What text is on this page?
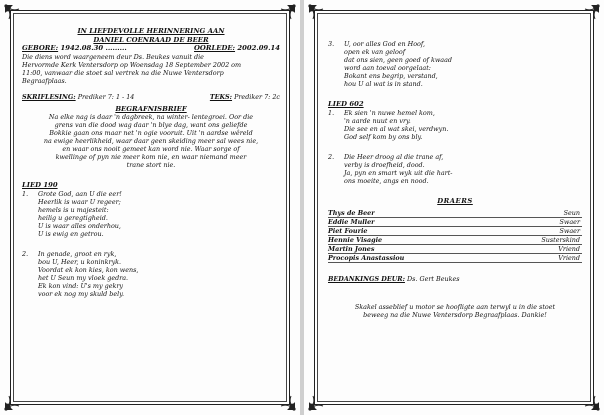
IN LIEFDEVOLLE HERINNERING AAN
DANIEL COENRAAD DE BEER
GEBORE: 1942.08.30 .........	OORLEDE: 2002.09.14
Die diens word waargeneem deur Ds. Beukes vanuit die
Hervormde Kerk Ventersdorp op Woensdag 18 September 2002 om
11:00, vanwaar die stoet sal vertrek na die Nuwe Ventersdorp
Begraafplaas.
SKRIFLESING: Prediker 7: 1 - 14	TEKS: Prediker 7: 2c
BEGRAFNISBRIEF
Na elke nag is daar 'n dagbreek, na winter- lentegroei. Oor die
grens van die dood wag daar 'n blye dag, want ons geliefde
Bokkie gaan ons maar net 'n ogie vooruit. Uit 'n aardse wêreld
na ewige heerlikheid, waar daar geen skeiding meer sal wees nie,
en waar ons nooit gemeet kan word nie. Waar sorge of
kwellinge of pyn nie meer kom nie, en waar niemand meer
trane stort nie.
LIED 190
1.	Grote God, aan U die eer!
Heerlik is waar U regeer;
hemels is u majesteit:
heilig u geregtigheid.
U is waar alles onderhou,
U is ewig en getrou.
2.	In genade, groot en ryk,
bou U, Heer, u koninkryk.
Voordat ek kon kies, kon wens,
het U Seun my vloek gedra.
Ek kon vind: U's my gekry
voor ek nog my skuld bely.
3.	U, oor alles God en Hoof,
open ek van geloof
dat ons sien, geen goed of kwaad
word aan toeval oorgelaat:
Bokant ens begrip, verstand,
hou U al wat is in stand.
LIED 602
1.	Ek sien 'n nuwe hemel kom,
'n aarde nuut en vry.
Die see en al wat skei, verdwyn.
God self kom by ons bly.
2.	Die Heer droog al die trane af,
verby is droefheid, dood.
Ja, pyn en smart wyk uit die hart-
ons moeite, angs en nood.
DRAERS
Thys de Beer	Seun
Eddie Muller	Swaer
Piet Fourie	Swaer
Hennie Visagie	Susterskind
Martin Jones	Vriend
Procopis Anastassiou	Vriend
BEDANKINGS DEUR: Ds. Gert Beukes
Skakel asseblief u motor se hoofligte aan terwyl u in die stoet
beweeg na die Nuwe Ventersdorp Begraafplaas. Dankie!
